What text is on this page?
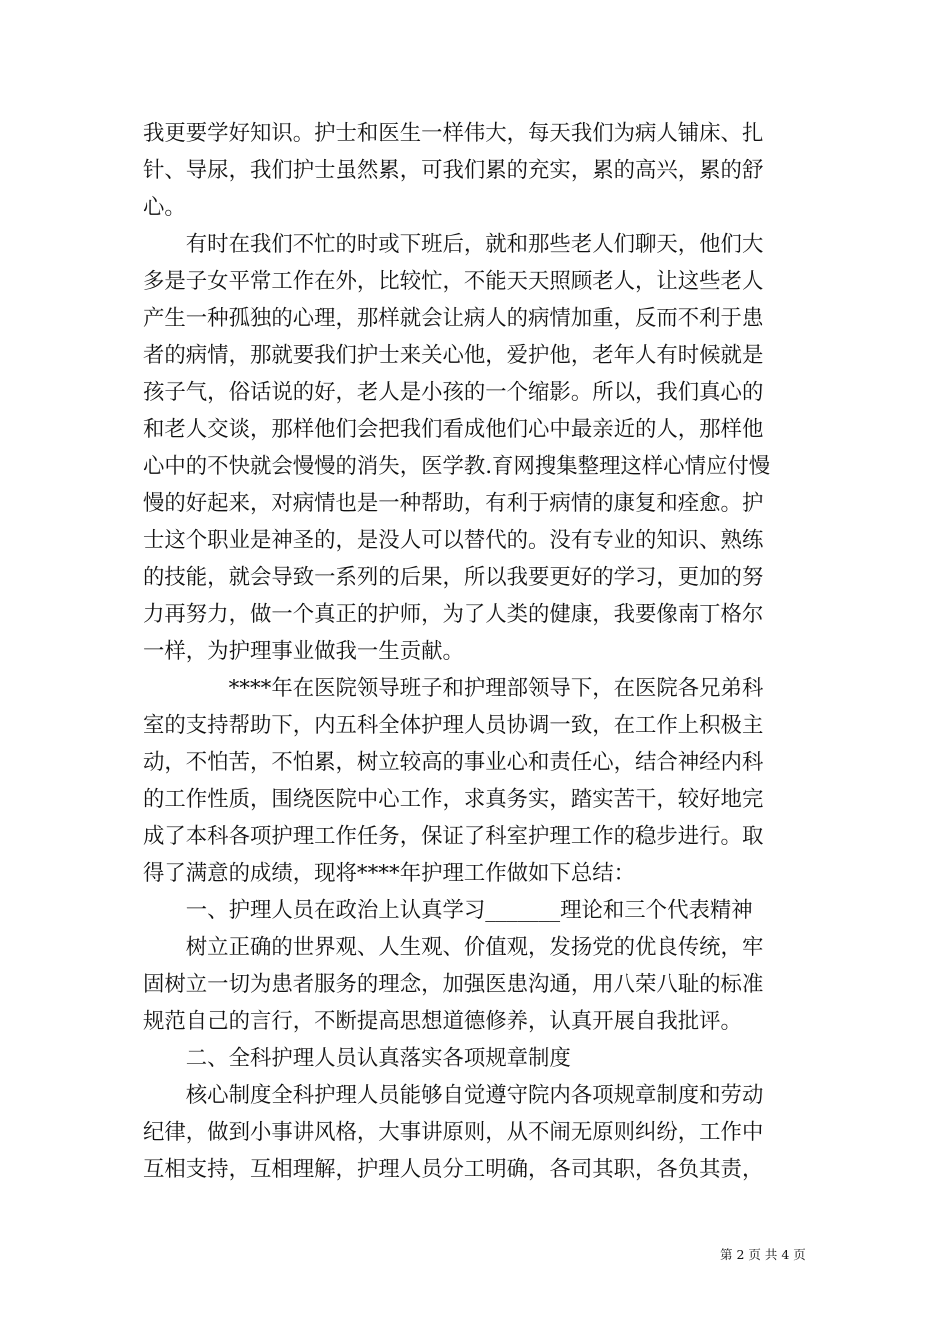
我更要学好知识。护士和医生一样伟大，每天我们为病人铺床、扎
针、导尿，我们护士虽然累，可我们累的充实，累的高兴，累的舒
心。
　　有时在我们不忙的时或下班后，就和那些老人们聊天，他们大
多是子女平常工作在外，比较忙，不能天天照顾老人，让这些老人
产生一种孤独的心理，那样就会让病人的病情加重，反而不利于患
者的病情，那就要我们护士来关心他，爱护他，老年人有时候就是
孩子气，俗话说的好，老人是小孩的一个缩影。所以，我们真心的
和老人交谈，那样他们会把我们看成他们心中最亲近的人，那样他
心中的不快就会慢慢的消失，医学教.育网搜集整理这样心情应付慢
慢的好起来，对病情也是一种帮助，有利于病情的康复和痊愈。护
士这个职业是神圣的，是没人可以替代的。没有专业的知识、熟练
的技能，就会导致一系列的后果，所以我要更好的学习，更加的努
力再努力，做一个真正的护师，为了人类的健康，我要像南丁格尔
一样，为护理事业做我一生贡献。
　　　　****年在医院领导班子和护理部领导下，在医院各兄弟科
室的支持帮助下，内五科全体护理人员协调一致，在工作上积极主
动，不怕苦，不怕累，树立较高的事业心和责任心，结合神经内科
的工作性质，围绕医院中心工作，求真务实，踏实苦干，较好地完
成了本科各项护理工作任务，保证了科室护理工作的稳步进行。取
得了满意的成绩，现将****年护理工作做如下总结：
　　一、护理人员在政治上认真学习_______理论和三个代表精神
　　树立正确的世界观、人生观、价值观，发扬党的优良传统，牢
固树立一切为患者服务的理念，加强医患沟通，用八荣八耻的标准
规范自己的言行，不断提高思想道德修养，认真开展自我批评。
　　二、全科护理人员认真落实各项规章制度
　　核心制度全科护理人员能够自觉遵守院内各项规章制度和劳动
纪律，做到小事讲风格，大事讲原则，从不闹无原则纠纷，工作中
互相支持，互相理解，护理人员分工明确，各司其职，各负其责，
第 2 页 共 4 页
